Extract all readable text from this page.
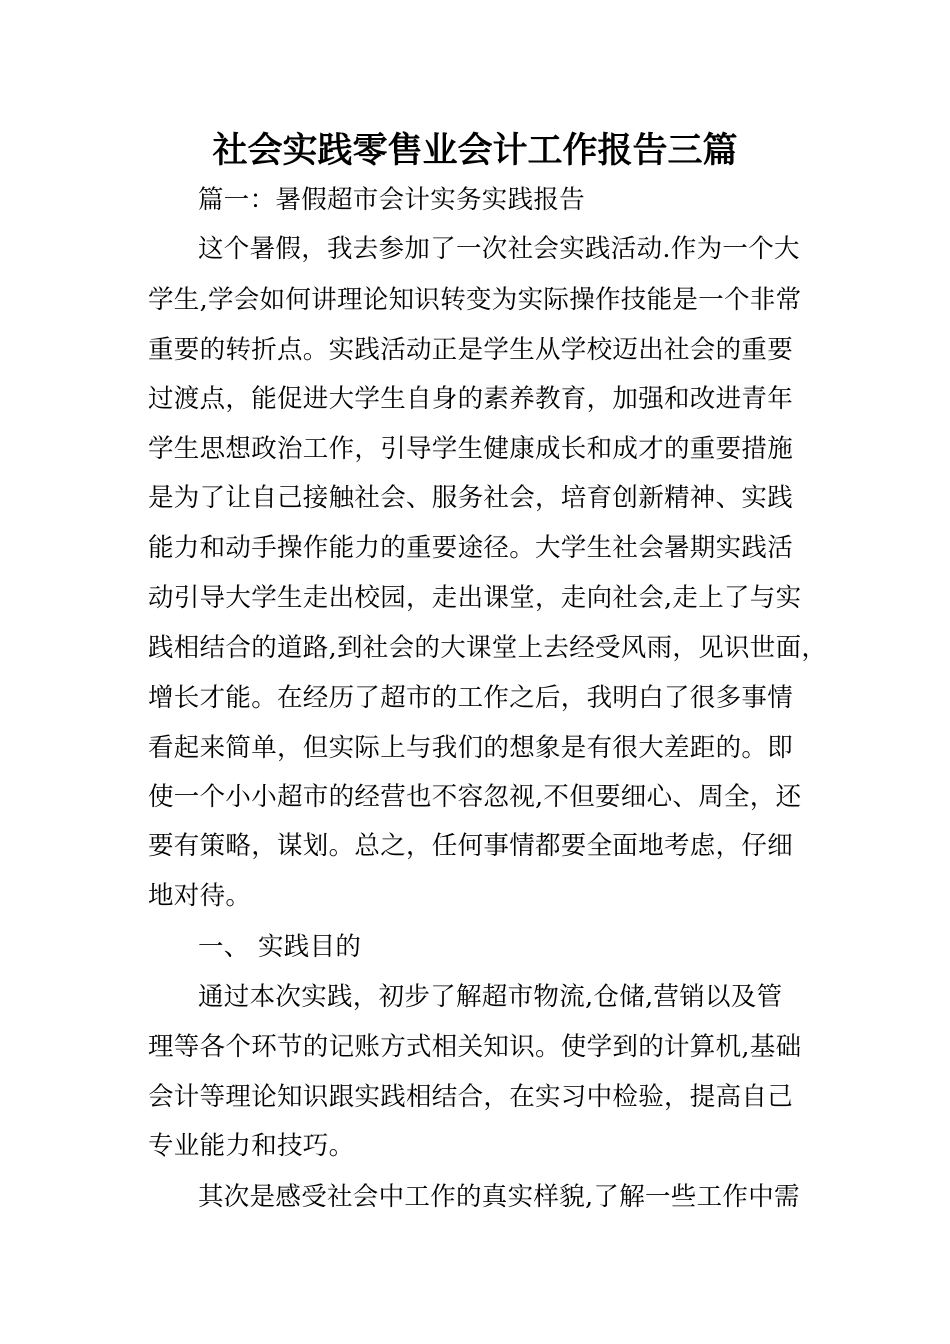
社会实践零售业会计工作报告三篇
篇一：暑假超市会计实务实践报告
这个暑假，我去参加了一次社会实践活动.作为一个大
学生,学会如何讲理论知识转变为实际操作技能是一个非常
重要的转折点。实践活动正是学生从学校迈出社会的重要
过渡点，能促进大学生自身的素养教育，加强和改进青年
学生思想政治工作，引导学生健康成长和成才的重要措施
是为了让自己接触社会、服务社会，培育创新精神、实践
能力和动手操作能力的重要途径。大学生社会暑期实践活
动引导大学生走出校园，走出课堂，走向社会,走上了与实
践相结合的道路,到社会的大课堂上去经受风雨，见识世面，
增长才能。在经历了超市的工作之后，我明白了很多事情
看起来简单，但实际上与我们的想象是有很大差距的。即
使一个小小超市的经营也不容忽视,不但要细心、周全，还
要有策略，谋划。总之，任何事情都要全面地考虑，仔细
地对待。
一、 实践目的
通过本次实践，初步了解超市物流,仓储,营销以及管
理等各个环节的记账方式相关知识。使学到的计算机,基础
会计等理论知识跟实践相结合，在实习中检验，提高自己
专业能力和技巧。
其次是感受社会中工作的真实样貌,了解一些工作中需
